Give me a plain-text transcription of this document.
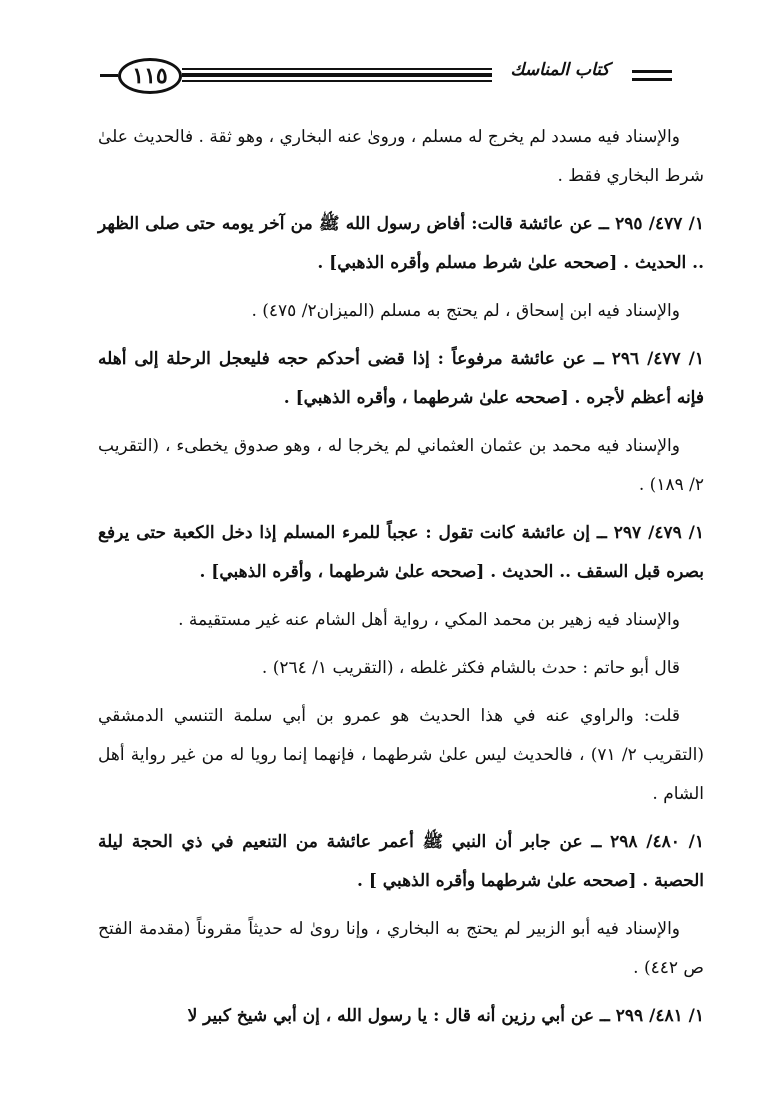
١١٥	كتاب المناسك

والإسناد فيه مسدد لم يخرج له مسلم ، وروىٰ عنه البخاري ، وهو ثقة . فالحديث علىٰ شرط البخاري فقط .

١/ ٤٧٧/ ٢٩٥ ــ عن عائشة قالت: أفاض رسول الله ﷺ من آخر يومه حتى صلى الظهر .. الحديث . [صححه علىٰ شرط مسلم وأقره الذهبي] .

والإسناد فيه ابن إسحاق ، لم يحتج به مسلم (الميزان٢/ ٤٧٥) .

١/ ٤٧٧/ ٢٩٦ ــ عن عائشة مرفوعاً : إذا قضى أحدكم حجه فليعجل الرحلة إلى أهله فإنه أعظم لأجره . [صححه علىٰ شرطهما ، وأقره الذهبي] .

والإسناد فيه محمد بن عثمان العثماني لم يخرجا له ، وهو صدوق يخطىء ، (التقريب ٢/ ١٨٩) .

١/ ٤٧٩/ ٢٩٧ ــ إن عائشة كانت تقول : عجباً للمرء المسلم إذا دخل الكعبة حتى يرفع بصره قبل السقف .. الحديث . [صححه علىٰ شرطهما ، وأقره الذهبي] .

والإسناد فيه زهير بن محمد المكي ، رواية أهل الشام عنه غير مستقيمة .

قال أبو حاتم : حدث بالشام فكثر غلطه ، (التقريب ١/ ٢٦٤) .

قلت: والراوي عنه في هذا الحديث هو عمرو بن أبي سلمة التنسي الدمشقي (التقريب ٢/ ٧١) ، فالحديث ليس علىٰ شرطهما ، فإنهما إنما رويا له من غير رواية أهل الشام .

١/ ٤٨٠/ ٢٩٨ ــ عن جابر أن النبي ﷺ أعمر عائشة من التنعيم في ذي الحجة ليلة الحصبة . [صححه علىٰ شرطهما وأقره الذهبي ] .

والإسناد فيه أبو الزبير لم يحتج به البخاري ، وإنا روىٰ له حديثاً مقروناً (مقدمة الفتح ص ٤٤٢) .

١/ ٤٨١/ ٢٩٩ ــ عن أبي رزين أنه قال : يا رسول الله ، إن أبي شيخ كبير لا
